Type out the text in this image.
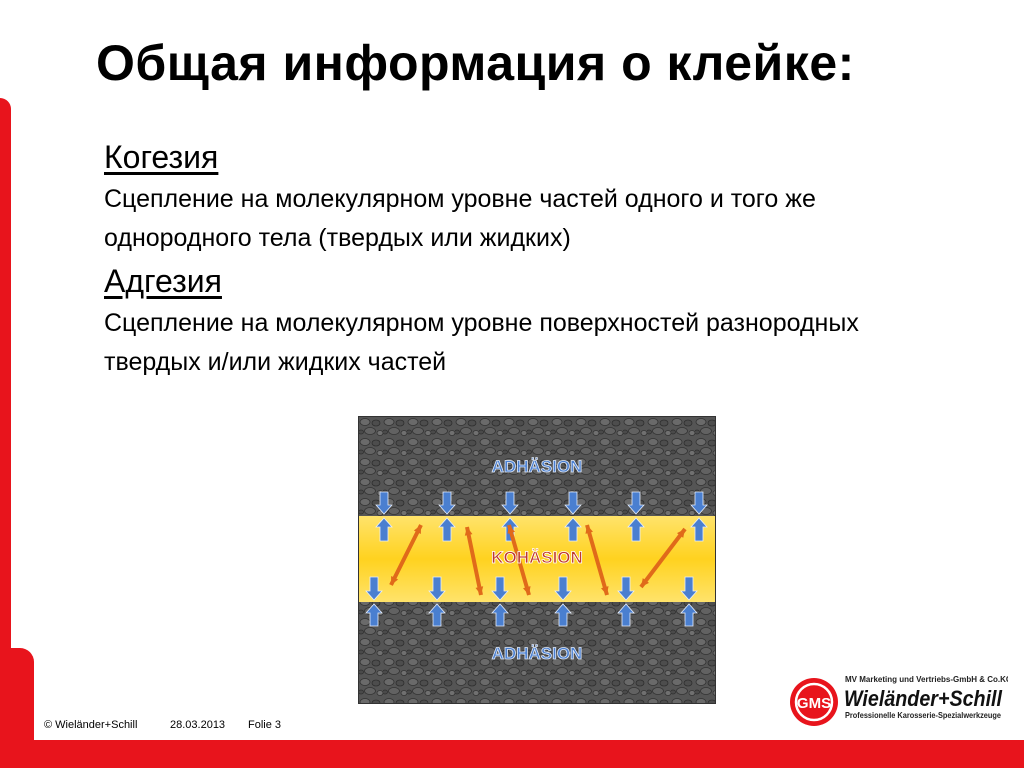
Общая информация о клейке:
Когезия
Сцепление на молекулярном уровне частей одного и того же однородного тела (твердых или жидких)
Адгезия
Сцепление на молекулярном уровне поверхностей разнородных твердых и/или жидких частей
ADHÄSION
KOHÄSION
ADHÄSION
© Wieländer+Schill	28.03.2013 Folie 3
GMS
MV Marketing und Vertriebs-GmbH & Co.KG
Wieländer+Schill
Professionelle Karosserie-Spezialwerkzeuge
